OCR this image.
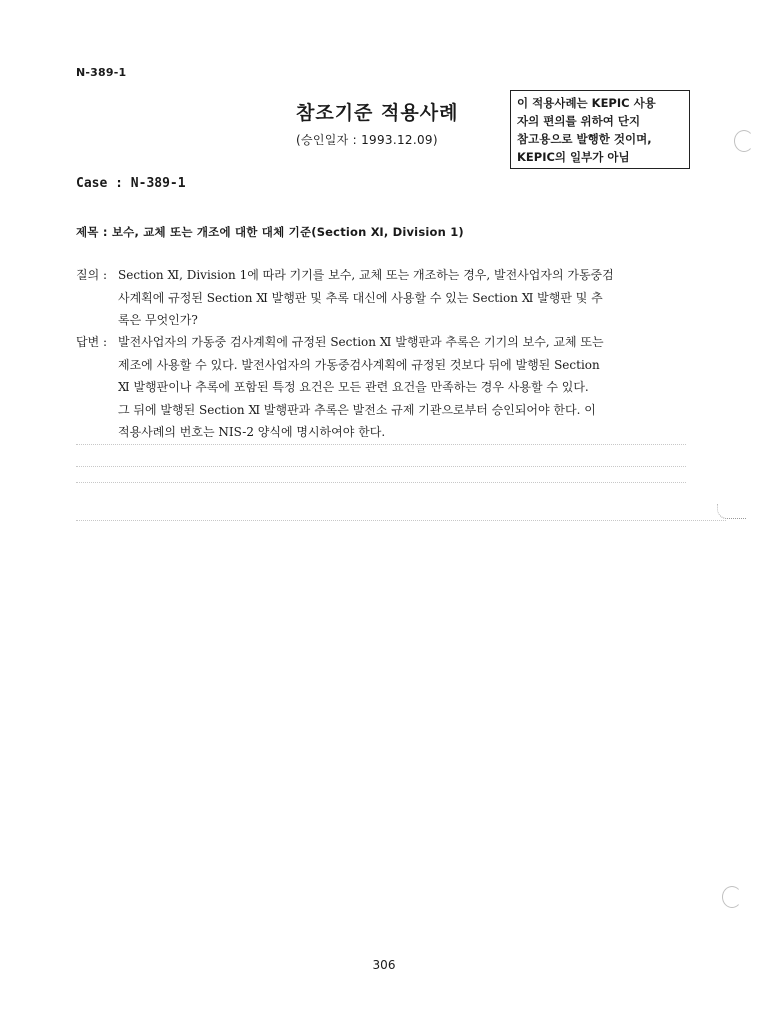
N-389-1
참조기준 적용사례
(승인일자 : 1993.12.09)
이 적용사례는 KEPIC 사용
자의 편의를 위하여 단지
참고용으로 발행한 것이며,
KEPIC의 일부가 아님
Case : N-389-1
제목 : 보수, 교체 또는 개조에 대한 대체 기준(Section Ⅺ, Division 1)
질의 : Section Ⅺ, Division 1에 따라 기기를 보수, 교체 또는 개조하는 경우, 발전사업자의 가동중검
사계획에 규정된 Section Ⅺ 발행판 및 추록 대신에 사용할 수 있는 Section Ⅺ 발행판 및 추
록은 무엇인가?
답변 : 발전사업자의 가동중 검사계획에 규정된 Section Ⅺ 발행판과 추록은 기기의 보수, 교체 또는
제조에 사용할 수 있다. 발전사업자의 가동중검사계획에 규정된 것보다 뒤에 발행된 Section
Ⅺ 발행판이나 추록에 포함된 특정 요건은 모든 관련 요건을 만족하는 경우 사용할 수 있다.
그 뒤에 발행된 Section Ⅺ 발행판과 추록은 발전소 규제 기관으로부터 승인되어야 한다. 이
적용사례의 번호는 NIS-2 양식에 명시하여야 한다.
306
